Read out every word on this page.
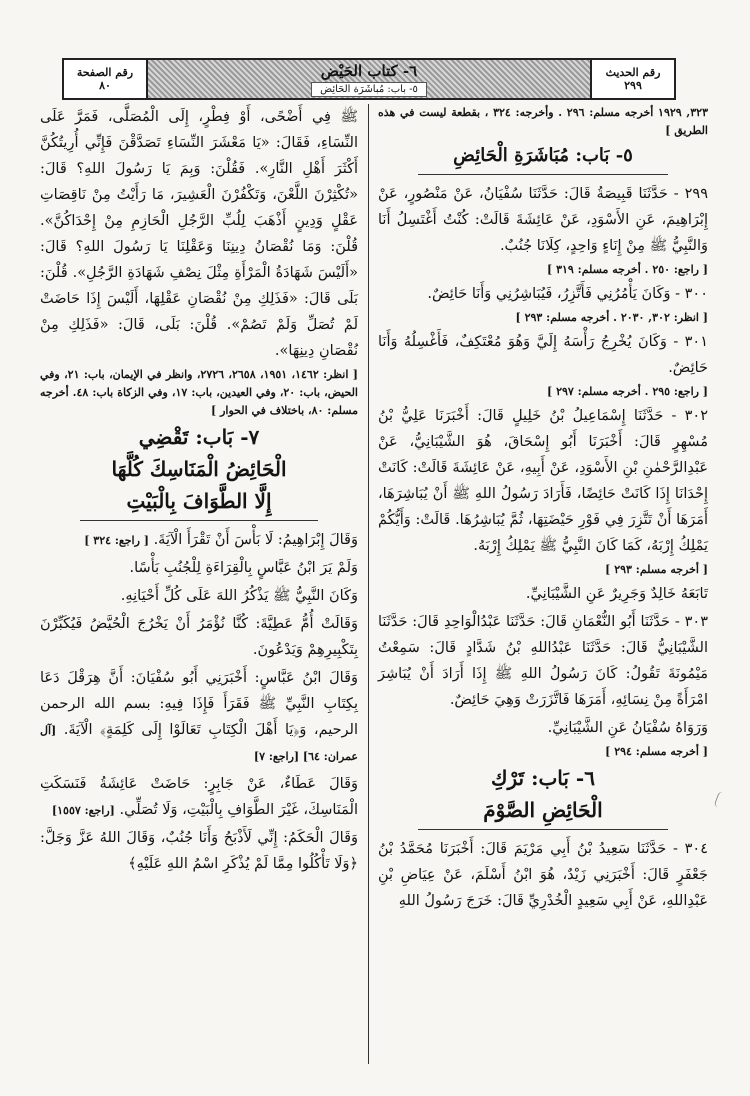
رقم الحديث
٢٩٩
٦- كتاب الحَيْض
٥- باب: مُباشَرَة الحَائِض
رقم الصفحة
٨٠

٣٢٣, ١٩٢٩ أخرجه مسلم: ٢٩٦ . وأخرجه: ٣٢٤ ، بقطعة ليست في هذه الطريق ]

٥- بَاب: مُبَاشَرَةِ الْحَائِضِ

٢٩٩ - حَدَّثَنَا قَبِيصَةُ قَالَ: حَدَّثَنَا سُفْيَانُ، عَنْ مَنْصُورٍ، عَنْ إِبْرَاهِيمَ، عَنِ الأَسْوَدِ، عَنْ عَائِشَةَ قَالَتْ: كُنْتُ أَغْتَسِلُ أَنَا وَالنَّبِيُّ ﷺ مِنْ إِنَاءٍ وَاحِدٍ، كِلَانَا جُنُبٌ.

[ راجع: ٢٥٠ . أخرجه مسلم: ٣١٩ ]

٣٠٠ - وَكَانَ يَأْمُرُنِي فَأَتَّزِرُ، فَيُبَاشِرُنِي وَأَنَا حَائِضٌ.

[ انظر: ٣٠٢, ٢٠٣٠ . أخرجه مسلم: ٢٩٣ ]

٣٠١ - وَكَانَ يُخْرِجُ رَأْسَهُ إِلَيَّ وَهُوَ مُعْتَكِفٌ، فَأَغْسِلُهُ وَأَنَا حَائِضٌ.

[ راجع: ٢٩٥ . أخرجه مسلم: ٢٩٧ ]

٣٠٢ - حَدَّثَنَا إِسْمَاعِيلُ بْنُ خَلِيلٍ قَالَ: أَخْبَرَنَا عَلِيُّ بْنُ مُسْهِرٍ قَالَ: أَخْبَرَنَا أَبُو إِسْحَاقَ، هُوَ الشَّيْبَانِيُّ، عَنْ عَبْدِالرَّحْمٰنِ بْنِ الأَسْوَدِ، عَنْ أَبِيهِ، عَنْ عَائِشَةَ قَالَتْ: كَانَتْ إِحْدَانَا إِذَا كَانَتْ حَائِضًا، فَأَرَادَ رَسُولُ اللهِ ﷺ أَنْ يُبَاشِرَهَا، أَمَرَهَا أَنْ تَتَّزِرَ فِي فَوْرِ حَيْضَتِهَا، ثُمَّ يُبَاشِرُهَا. قَالَتْ: وَأَيُّكُمْ يَمْلِكُ إِرْبَهُ، كَمَا كَانَ النَّبِيُّ ﷺ يَمْلِكُ إِرْبَهُ.

[ أخرجه مسلم: ٢٩٣ ]

تَابَعَهُ خَالِدٌ وَجَرِيرٌ عَنِ الشَّيْبَانِيِّ.

٣٠٣ - حَدَّثَنَا أَبُو النُّعْمَانِ قَالَ: حَدَّثَنَا عَبْدُالْوَاحِدِ قَالَ: حَدَّثَنَا الشَّيْبَانِيُّ قَالَ: حَدَّثَنَا عَبْدُاللهِ بْنُ شَدَّادٍ قَالَ: سَمِعْتُ مَيْمُونَةَ تَقُولُ: كَانَ رَسُولُ اللهِ ﷺ إِذَا أَرَادَ أَنْ يُبَاشِرَ امْرَأَةً مِنْ نِسَائِهِ، أَمَرَهَا فَاتَّزَرَتْ وَهِيَ حَائِضٌ.

وَرَوَاهُ سُفْيَانُ عَنِ الشَّيْبَانِيِّ.

[ أخرجه مسلم: ٢٩٤ ]

٦- بَاب: تَرْكِ
الْحَائِضِ الصَّوْمَ

٣٠٤ - حَدَّثَنَا سَعِيدُ بْنُ أَبِي مَرْيَمَ قَالَ: أَخْبَرَنَا مُحَمَّدُ بْنُ جَعْفَرٍ قَالَ: أَخْبَرَنِي زَيْدٌ، هُوَ ابْنُ أَسْلَمَ، عَنْ عِيَاضِ بْنِ عَبْدِاللهِ، عَنْ أَبِي سَعِيدٍ الْخُدْرِيِّ قَالَ: خَرَجَ رَسُولُ اللهِ

ﷺ فِي أَضْحًى، أَوْ فِطْرٍ، إِلَى الْمُصَلَّى، فَمَرَّ عَلَى النِّسَاءِ، فَقَالَ: «يَا مَعْشَرَ النِّسَاءِ تَصَدَّقْنَ فَإِنِّي أُرِيتُكُنَّ أَكْثَرَ أَهْلِ النَّارِ». فَقُلْنَ: وَبِمَ يَا رَسُولَ اللهِ؟ قَالَ: «تُكْثِرْنَ اللَّعْنَ، وَتَكْفُرْنَ الْعَشِيرَ، مَا رَأَيْتُ مِنْ نَاقِصَاتِ عَقْلٍ وَدِينٍ أَذْهَبَ لِلُبِّ الرَّجُلِ الْحَازِمِ مِنْ إِحْدَاكُنَّ». قُلْنَ: وَمَا نُقْصَانُ دِينِنَا وَعَقْلِنَا يَا رَسُولَ اللهِ؟ قَالَ: «أَلَيْسَ شَهَادَةُ الْمَرْأَةِ مِثْلَ نِصْفِ شَهَادَةِ الرَّجُلِ». قُلْنَ: بَلَى قَالَ: «فَذَلِكِ مِنْ نُقْصَانِ عَقْلِهَا، أَلَيْسَ إِذَا حَاضَتْ لَمْ تُصَلِّ وَلَمْ تَصُمْ». قُلْنَ: بَلَى، قَالَ: «فَذَلِكِ مِنْ نُقْصَانِ دِينِهَا».

[ انظر: ١٤٦٢، ١٩٥١، ٢٦٥٨، ٢٧٢٦، وانظر في الإيمان، باب: ٢١، وفي الحيض، باب: ٢٠، وفي العيدين، باب: ١٧، وفي الزكاة باب: ٤٨. أخرجه مسلم: ٨٠، باختلاف في الحوار ]

٧- بَاب: تَقْضِي
الْحَائِضُ الْمَنَاسِكَ كُلَّهَا
إِلَّا الطَّوَافَ بِالْبَيْتِ

وَقَالَ إِبْرَاهِيمُ: لَا بَأْسَ أَنْ تَقْرَأَ الْآيَةَ. [ راجع: ٣٢٤ ]

وَلَمْ يَرَ ابْنُ عَبَّاسٍ بِالْقِرَاءَةِ لِلْجُنُبِ بَأْسًا.

وَكَانَ النَّبِيُّ ﷺ يَذْكُرُ اللهَ عَلَى كُلِّ أَحْيَانِهِ.

وَقَالَتْ أُمُّ عَطِيَّةَ: كُنَّا نُؤْمَرُ أَنْ يَخْرُجَ الْحُيَّضُ فَيُكَبِّرْنَ بِتَكْبِيرِهِمْ وَيَدْعُونَ.

وَقَالَ ابْنُ عَبَّاسٍ: أَخْبَرَنِي أَبُو سُفْيَانَ: أَنَّ هِرَقْلَ دَعَا بِكِتَابِ النَّبِيِّ ﷺ فَقَرَأَ فَإِذَا فِيهِ: بسم الله الرحمن الرحيم، وَ﴿يَا أَهْلَ الْكِتَابِ تَعَالَوْا إِلَى كَلِمَةٍ﴾ الْآيَةَ. [آل عمران: ٦٤] [راجع: ٧]

وَقَالَ عَطَاءٌ، عَنْ جَابِرٍ: حَاضَتْ عَائِشَةُ فَنَسَكَتِ الْمَنَاسِكَ، غَيْرَ الطَّوَافِ بِالْبَيْتِ، وَلَا تُصَلِّي. [راجع: ١٥٥٧]

وَقَالَ الْحَكَمُ: إِنِّي لَأَذْبَحُ وَأَنَا جُنُبٌ، وَقَالَ اللهُ عَزَّ وَجَلَّ: ﴿وَلَا تَأْكُلُوا مِمَّا لَمْ يُذْكَرِ اسْمُ اللهِ عَلَيْهِ﴾
